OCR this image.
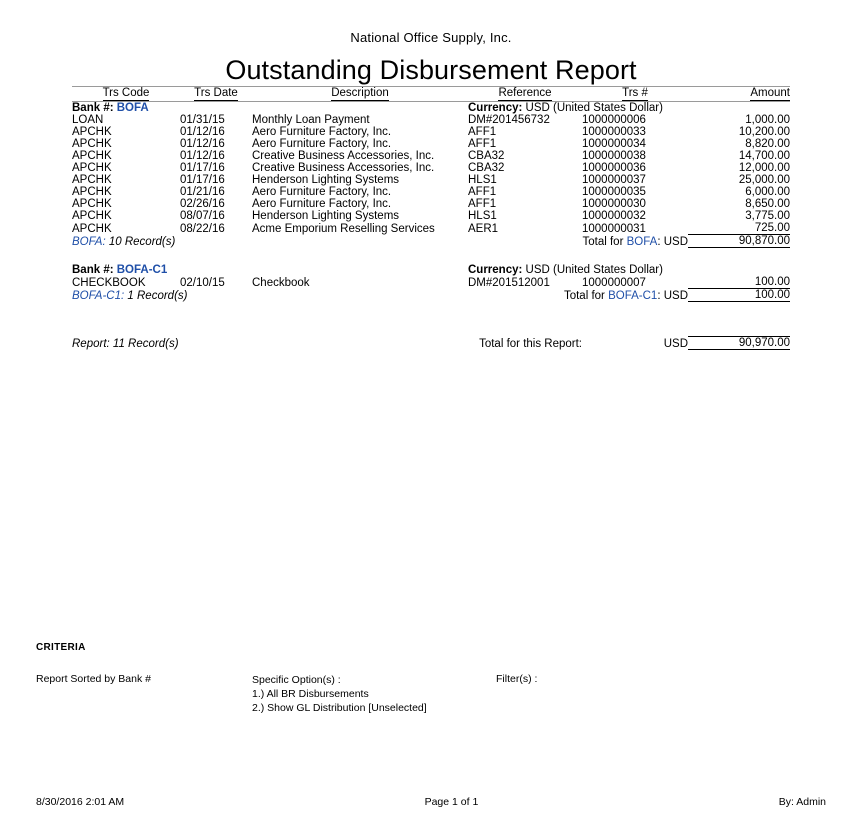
National Office Supply, Inc.
Outstanding Disbursement Report
Trs Code	Trs Date	Description	Reference	Trs #	Amount

Bank #: BOFA			Currency: USD (United States Dollar)		
LOAN	01/31/15	Monthly Loan Payment	DM#201456732	1000000006	1,000.00
APCHK	01/12/16	Aero Furniture Factory, Inc.	AFF1	1000000033	10,200.00
APCHK	01/12/16	Aero Furniture Factory, Inc.	AFF1	1000000034	8,820.00
APCHK	01/12/16	Creative Business Accessories, Inc.	CBA32	1000000038	14,700.00
APCHK	01/17/16	Creative Business Accessories, Inc.	CBA32	1000000036	12,000.00
APCHK	01/17/16	Henderson Lighting Systems	HLS1	1000000037	25,000.00
APCHK	01/21/16	Aero Furniture Factory, Inc.	AFF1	1000000035	6,000.00
APCHK	02/26/16	Aero Furniture Factory, Inc.	AFF1	1000000030	8,650.00
APCHK	08/07/16	Henderson Lighting Systems	HLS1	1000000032	3,775.00
APCHK	08/22/16	Acme Emporium Reselling Services	AER1	1000000031	725.00
BOFA: 10 Record(s)		Total for BOFA: USD			90,870.00

Bank #: BOFA-C1			Currency: USD (United States Dollar)		
CHECKBOOK	02/10/15	Checkbook	DM#201512001	1000000007	100.00
BOFA-C1: 1 Record(s)		Total for BOFA-C1: USD			100.00

Report: 11 Record(s)		Total for this Report:		USD	90,970.00
CRITERIA
Report Sorted by Bank #	Specific Option(s) :
1.) All BR Disbursements
2.) Show GL Distribution [Unselected]
Filter(s) :
8/30/2016 2:01 AM	Page 1 of 1	By: Admin
